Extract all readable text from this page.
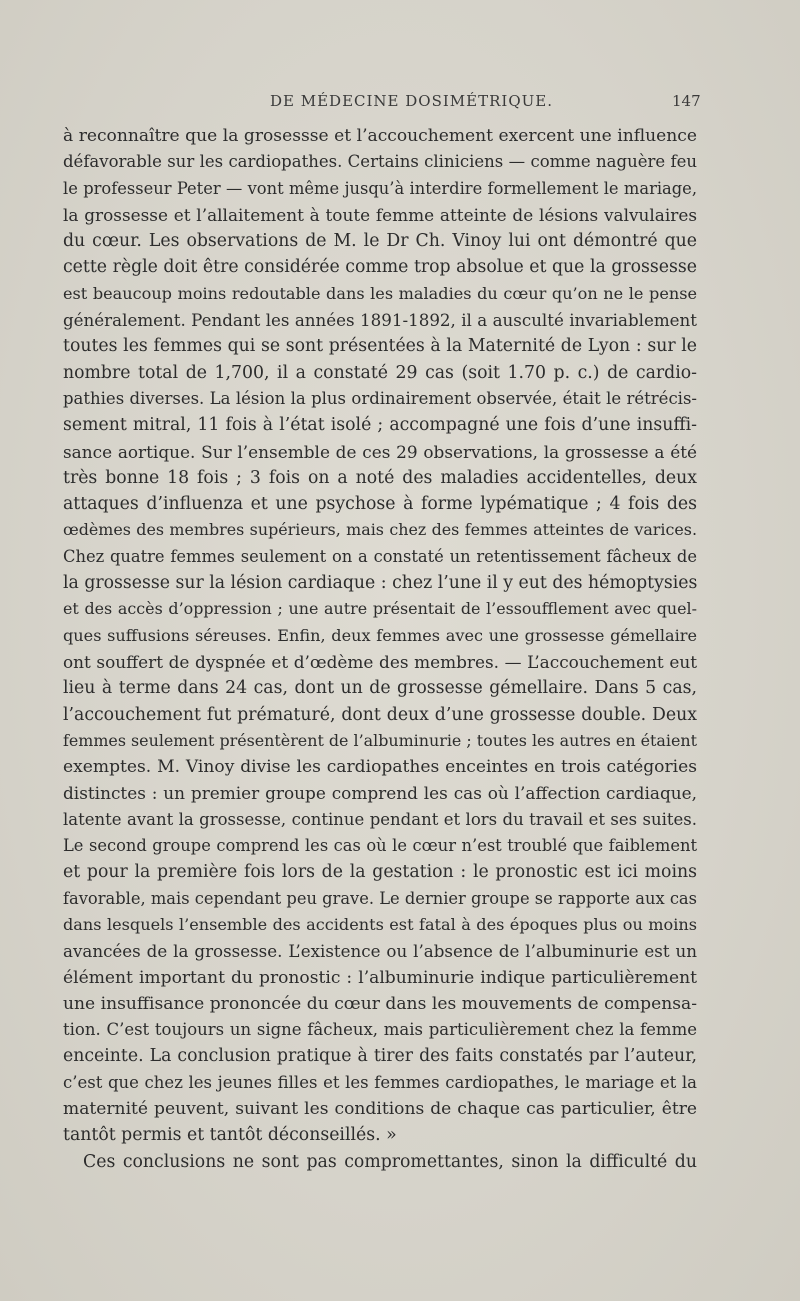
DE MÉDECINE DOSIMÉTRIQUE.	147
à reconnaître que la grosessse et l’accouchement exercent une influence
défavorable sur les cardiopathes. Certains cliniciens — comme naguère feu
le professeur Peter — vont même jusqu’à interdire formellement le mariage,
la grossesse et l’allaitement à toute femme atteinte de lésions valvulaires
du cœur. Les observations de M. le Dr Ch. Vinoy lui ont démontré que
cette règle doit être considérée comme trop absolue et que la grossesse
est beaucoup moins redoutable dans les maladies du cœur qu’on ne le pense
généralement. Pendant les années 1891-1892, il a ausculté invariablement
toutes les femmes qui se sont présentées à la Maternité de Lyon : sur le
nombre total de 1,700, il a constaté 29 cas (soit 1.70 p. c.) de cardio-
pathies diverses. La lésion la plus ordinairement observée, était le rétrécis-
sement mitral, 11 fois à l’état isolé ; accompagné une fois d’une insuffi-
sance aortique. Sur l’ensemble de ces 29 observations, la grossesse a été
très bonne 18 fois ; 3 fois on a noté des maladies accidentelles, deux
attaques d’influenza et une psychose à forme lypématique ; 4 fois des
œdèmes des membres supérieurs, mais chez des femmes atteintes de varices.
Chez quatre femmes seulement on a constaté un retentissement fâcheux de
la grossesse sur la lésion cardiaque : chez l’une il y eut des hémoptysies
et des accès d’oppression ; une autre présentait de l’essoufflement avec quel-
ques suffusions séreuses. Enfin, deux femmes avec une grossesse gémellaire
ont souffert de dyspnée et d’œdème des membres. — L’accouchement eut
lieu à terme dans 24 cas, dont un de grossesse gémellaire. Dans 5 cas,
l’accouchement fut prématuré, dont deux d’une grossesse double. Deux
femmes seulement présentèrent de l’albuminurie ; toutes les autres en étaient
exemptes. M. Vinoy divise les cardiopathes enceintes en trois catégories
distinctes : un premier groupe comprend les cas où l’affection cardiaque,
latente avant la grossesse, continue pendant et lors du travail et ses suites.
Le second groupe comprend les cas où le cœur n’est troublé que faiblement
et pour la première fois lors de la gestation : le pronostic est ici moins
favorable, mais cependant peu grave. Le dernier groupe se rapporte aux cas
dans lesquels l’ensemble des accidents est fatal à des époques plus ou moins
avancées de la grossesse. L’existence ou l’absence de l’albuminurie est un
élément important du pronostic : l’albuminurie indique particulièrement
une insuffisance prononcée du cœur dans les mouvements de compensa-
tion. C’est toujours un signe fâcheux, mais particulièrement chez la femme
enceinte. La conclusion pratique à tirer des faits constatés par l’auteur,
c’est que chez les jeunes filles et les femmes cardiopathes, le mariage et la
maternité peuvent, suivant les conditions de chaque cas particulier, être
tantôt permis et tantôt déconseillés. »
Ces conclusions ne sont pas compromettantes, sinon la difficulté du
